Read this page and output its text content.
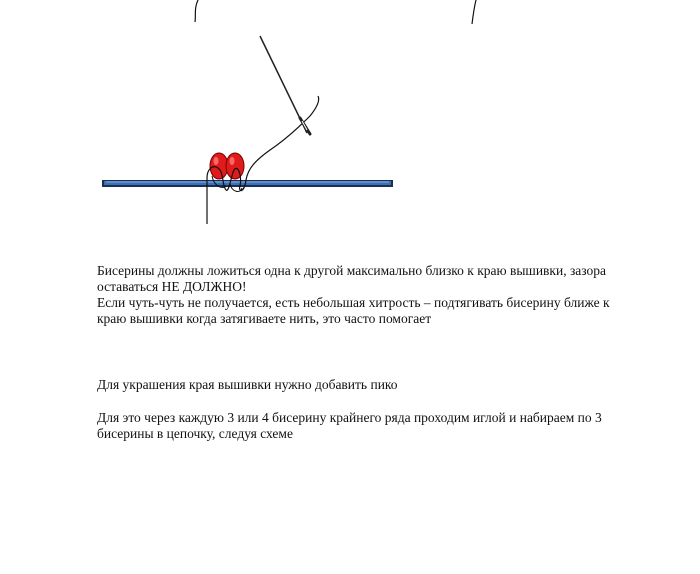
Бисерины должны ложиться одна к другой максимально близко к краю вышивки, зазора
оставаться НЕ ДОЛЖНО!

Если чуть-чуть не получается, есть небольшая хитрость – подтягивать бисерину ближе к
краю вышивки когда затягиваете нить, это часто помогает

Для украшения края вышивки нужно добавить пико

Для это через каждую 3 или 4 бисерину крайнего ряда проходим иглой и набираем по 3
бисерины в цепочку, следуя схеме
